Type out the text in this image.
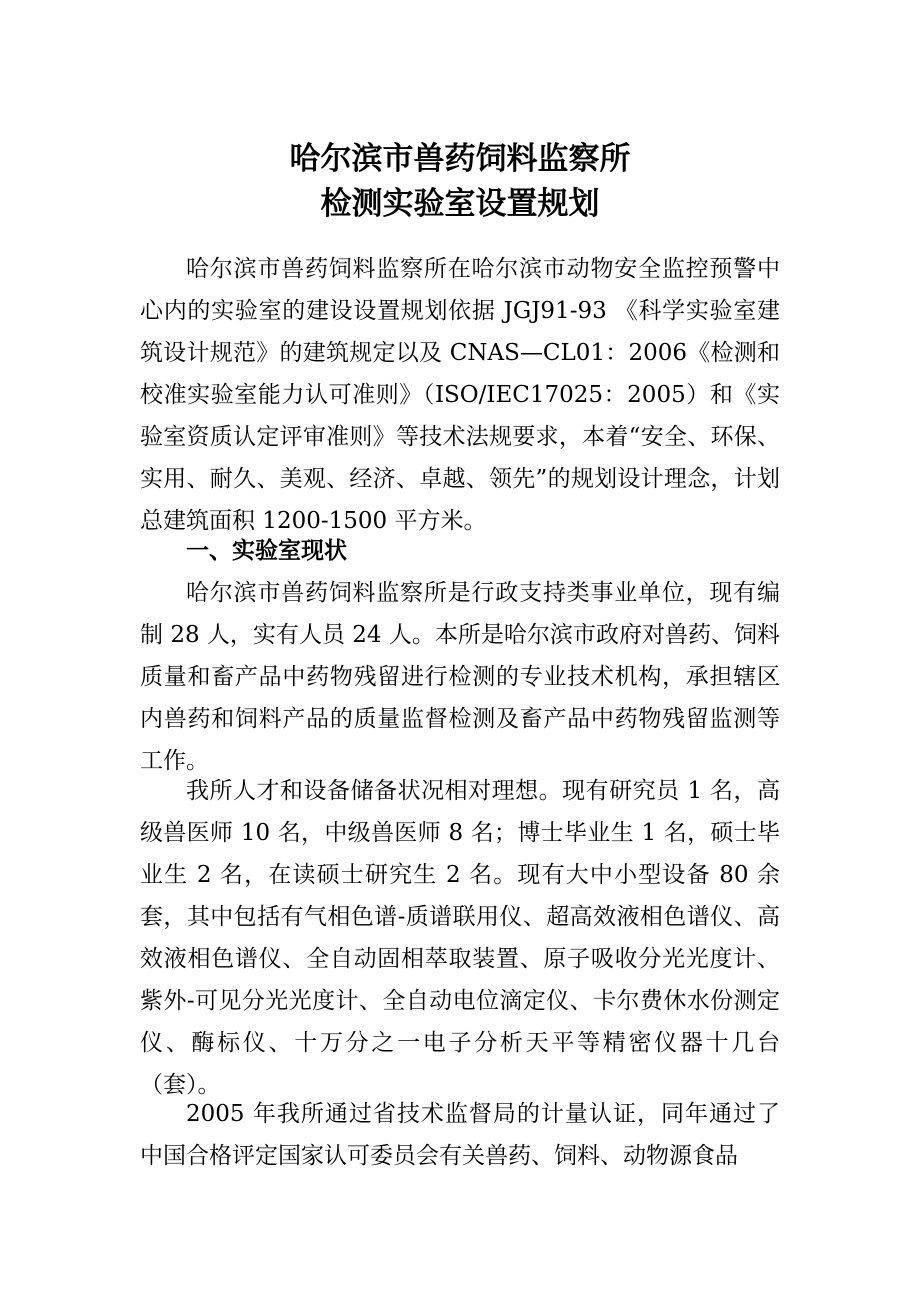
哈尔滨市兽药饲料监察所
检测实验室设置规划

哈尔滨市兽药饲料监察所在哈尔滨市动物安全监控预警中心内的实验室的建设设置规划依据 JGJ91-93 《科学实验室建筑设计规范》的建筑规定以及 CNAS—CL01：2006《检测和校准实验室能力认可准则》（ISO/IEC17025：2005）和《实验室资质认定评审准则》等技术法规要求，本着“安全、环保、实用、耐久、美观、经济、卓越、领先”的规划设计理念，计划总建筑面积 1200-1500 平方米。

一、实验室现状

哈尔滨市兽药饲料监察所是行政支持类事业单位，现有编制 28 人，实有人员 24 人。本所是哈尔滨市政府对兽药、饲料质量和畜产品中药物残留进行检测的专业技术机构，承担辖区内兽药和饲料产品的质量监督检测及畜产品中药物残留监测等工作。

我所人才和设备储备状况相对理想。现有研究员 1 名，高级兽医师 10 名，中级兽医师 8 名；博士毕业生 1 名，硕士毕业生 2 名，在读硕士研究生 2 名。现有大中小型设备 80 余套，其中包括有气相色谱-质谱联用仪、超高效液相色谱仪、高效液相色谱仪、全自动固相萃取装置、原子吸收分光光度计、紫外-可见分光光度计、全自动电位滴定仪、卡尔费休水份测定仪、酶标仪、十万分之一电子分析天平等精密仪器十几台（套）。

2005 年我所通过省技术监督局的计量认证，同年通过了中国合格评定国家认可委员会有关兽药、饲料、动物源食品
